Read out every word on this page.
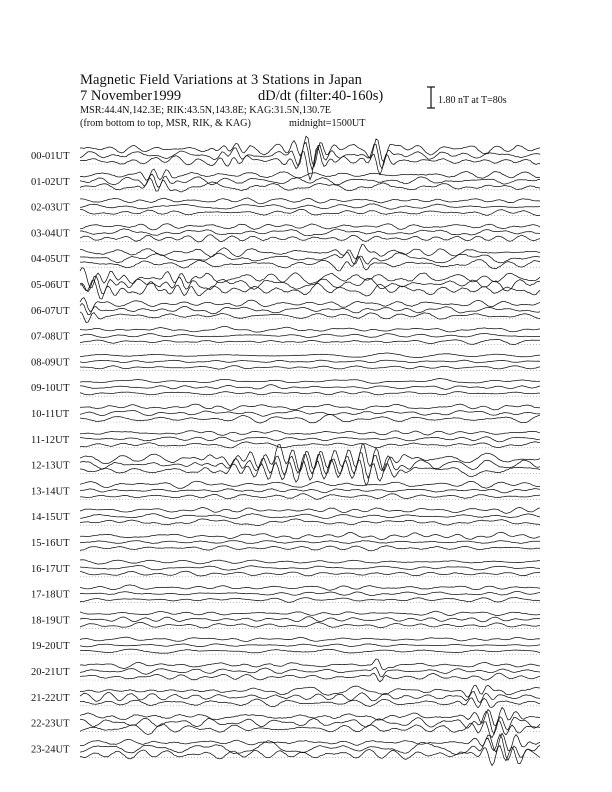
Magnetic Field Variations at 3 Stations in Japan
7 November1999	dD/dt (filter:40-160s)
MSR:44.4N,142.3E; RIK:43.5N,143.8E; KAG:31.5N,130.7E
(from bottom to top, MSR, RIK, & KAG)	midnight=1500UT
1.80 nT at T=80s
00-01UT
01-02UT
02-03UT
03-04UT
04-05UT
05-06UT
06-07UT
07-08UT
08-09UT
09-10UT
10-11UT
11-12UT
12-13UT
13-14UT
14-15UT
15-16UT
16-17UT
17-18UT
18-19UT
19-20UT
20-21UT
21-22UT
22-23UT
23-24UT
